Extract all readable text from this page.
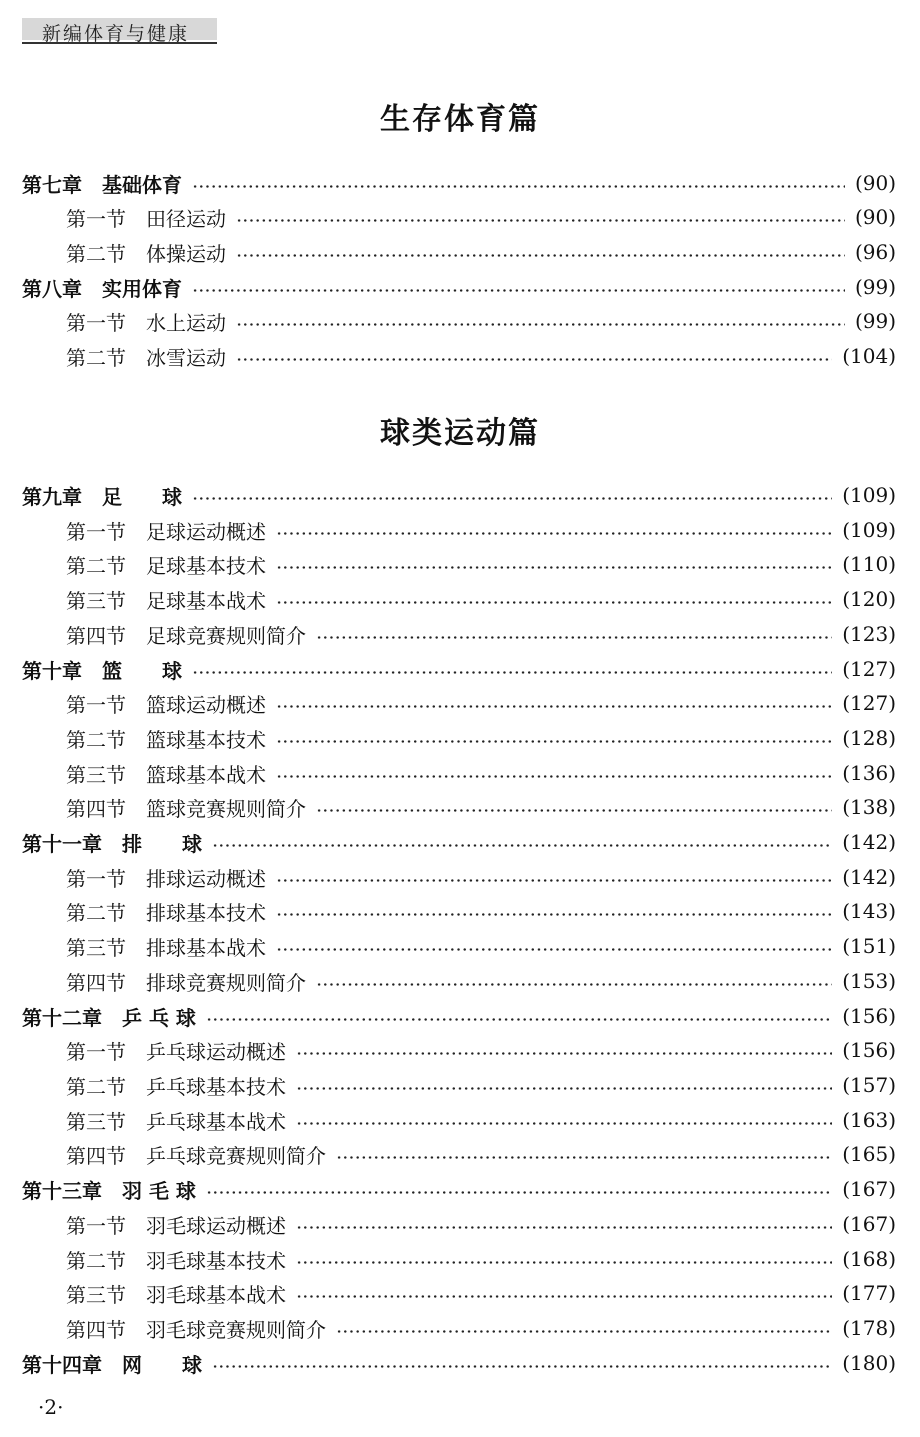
新编体育与健康
生存体育篇
第七章　基础体育	(90)
第一节　田径运动	(90)
第二节　体操运动	(96)
第八章　实用体育	(99)
第一节　水上运动	(99)
第二节　冰雪运动	(104)
球类运动篇
第九章　足　　球	(109)
第一节　足球运动概述	(109)
第二节　足球基本技术	(110)
第三节　足球基本战术	(120)
第四节　足球竞赛规则简介	(123)
第十章　篮　　球	(127)
第一节　篮球运动概述	(127)
第二节　篮球基本技术	(128)
第三节　篮球基本战术	(136)
第四节　篮球竞赛规则简介	(138)
第十一章　排　　球	(142)
第一节　排球运动概述	(142)
第二节　排球基本技术	(143)
第三节　排球基本战术	(151)
第四节　排球竞赛规则简介	(153)
第十二章　乒 乓 球	(156)
第一节　乒乓球运动概述	(156)
第二节　乒乓球基本技术	(157)
第三节　乒乓球基本战术	(163)
第四节　乒乓球竞赛规则简介	(165)
第十三章　羽 毛 球	(167)
第一节　羽毛球运动概述	(167)
第二节　羽毛球基本技术	(168)
第三节　羽毛球基本战术	(177)
第四节　羽毛球竞赛规则简介	(178)
第十四章　网　　球	(180)
·2·
